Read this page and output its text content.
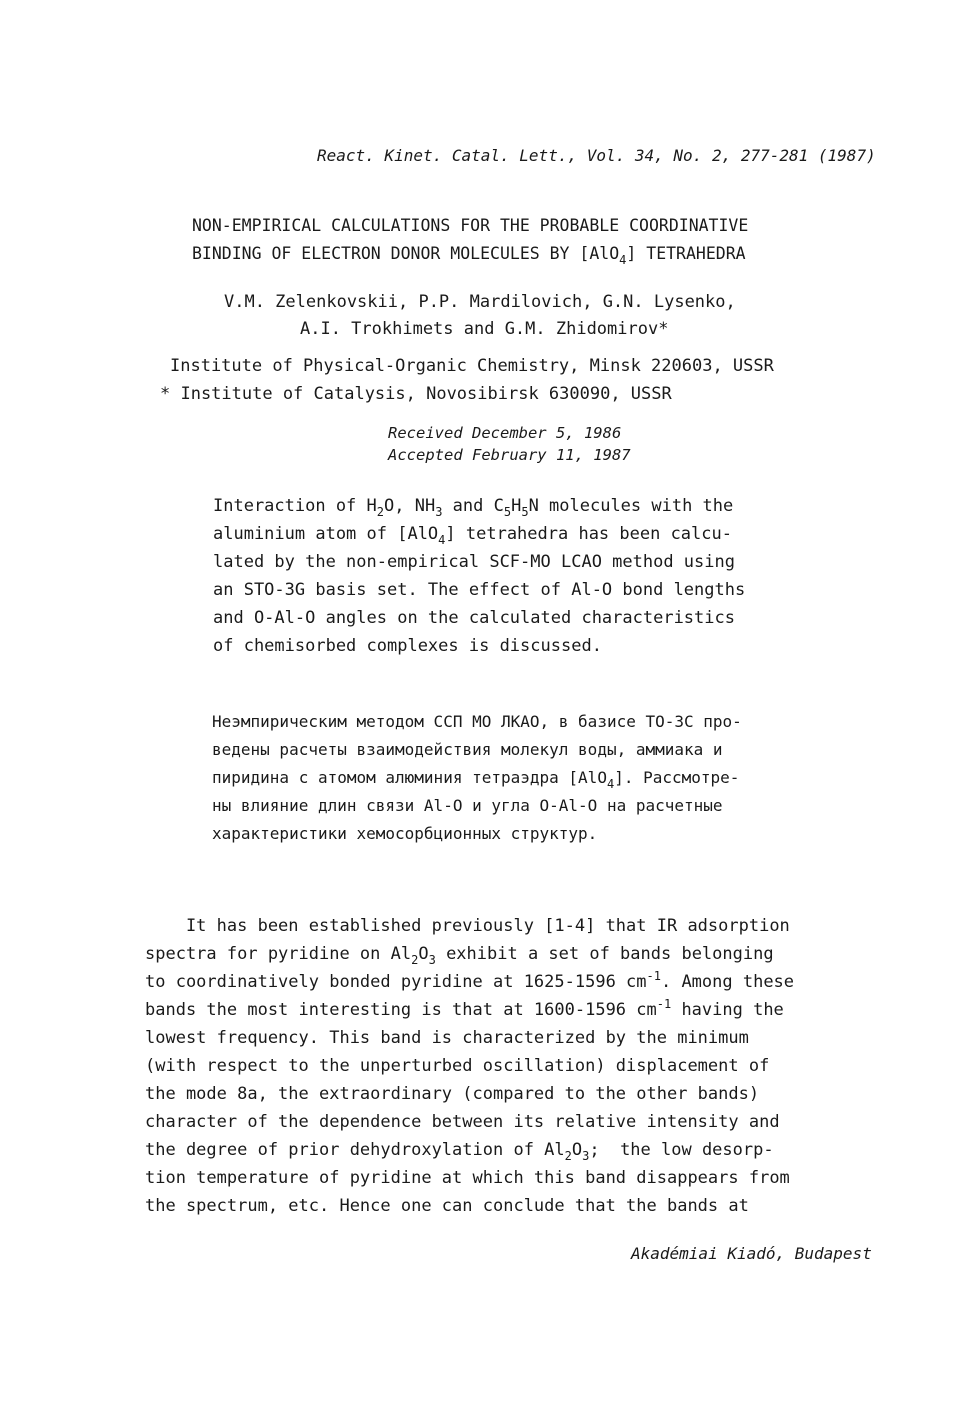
React. Kinet. Catal. Lett., Vol. 34, No. 2, 277-281 (1987)
NON-EMPIRICAL CALCULATIONS FOR THE PROBABLE COORDINATIVE
BINDING OF ELECTRON DONOR MOLECULES BY [AlO$_4$] TETRAHEDRA
V.M. Zelenkovskii, P.P. Mardilovich, G.N. Lysenko,
A.I. Trokhimets and G.M. Zhidomirov*
Institute of Physical-Organic Chemistry, Minsk 220603, USSR
* Institute of Catalysis, Novosibirsk 630090, USSR
Received December 5, 1986
Accepted February 11, 1987
Interaction of $H_2O$, $NH_3$ and $C_5H_5N$ molecules with the
aluminium atom of [AlO$_4$] tetrahedra has been calcu-
lated by the non-empirical SCF-MO LCAO method using
an STO-3G basis set. The effect of Al-O bond lengths
and O-Al-O angles on the calculated characteristics
of chemisorbed complexes is discussed.
Неэмпирическим методом ССП МО ЛКАО, в базисе ТО-3С про-
ведены расчеты взаимодействия молекул воды, аммиака и
пиридина с атомом алюминия тетраэдра [AlO$_4$]. Рассмотре-
ны влияние длин связи Al-O и угла O-Al-O на расчетные
характеристики хемосорбционных структур.
It has been established previously [1-4] that IR adsorption
spectra for pyridine on $Al_2O_3$ exhibit a set of bands belonging
to coordinatively bonded pyridine at 1625-1596 $cm^{-1}$. Among these
bands the most interesting is that at 1600-1596 $cm^{-1}$ having the
lowest frequency. This band is characterized by the minimum
(with respect to the unperturbed oscillation) displacement of
the mode 8a, the extraordinary (compared to the other bands)
character of the dependence between its relative intensity and
the degree of prior dehydroxylation of $Al_2O_3$;  the low desorp-
tion temperature of pyridine at which this band disappears from
the spectrum, etc. Hence one can conclude that the bands at
Akadémiai Kiadó, Budapest
